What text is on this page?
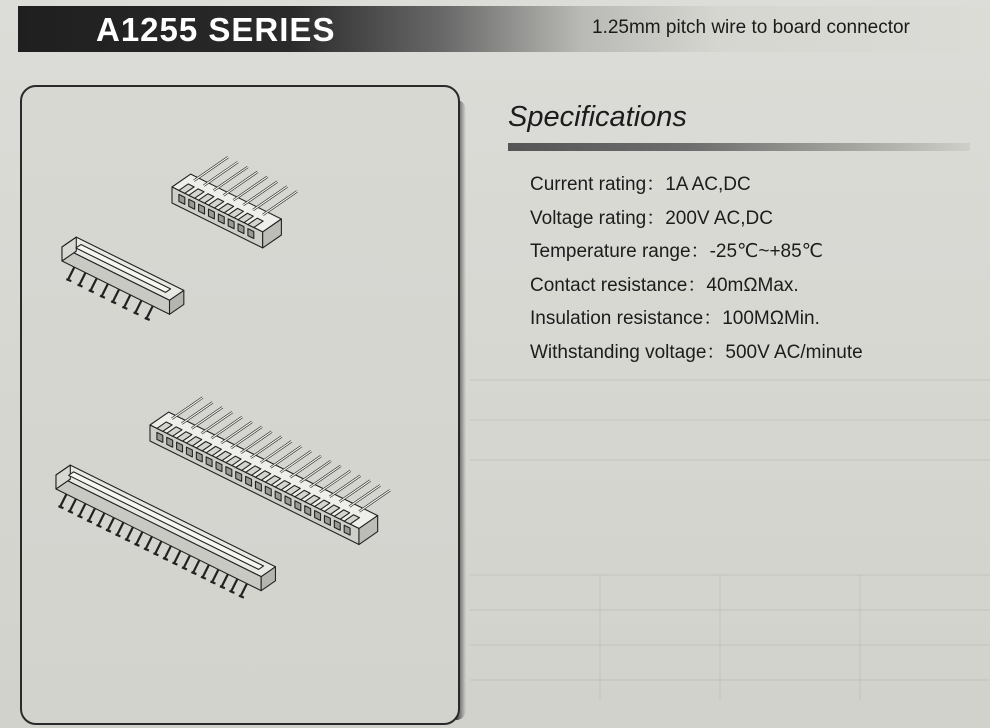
A1255 SERIES	1.25mm pitch wire to board connector
Specifications
Current rating：1A AC,DC
Voltage rating：200V AC,DC
Temperature range：-25℃~+85℃
Contact resistance：40mΩMax.
Insulation resistance：100MΩMin.
Withstanding voltage：500V AC/minute
